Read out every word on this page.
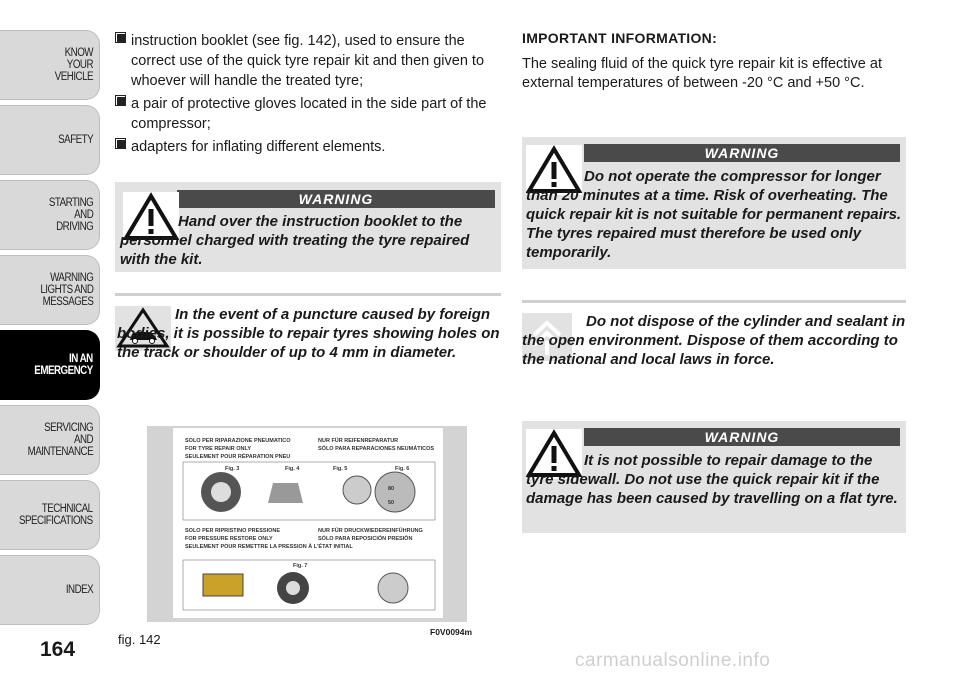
KNOW
YOUR
VEHICLE
SAFETY
STARTING
AND
DRIVING
WARNING
LIGHTS AND
MESSAGES
IN AN
EMERGENCY
SERVICING
AND
MAINTENANCE
TECHNICAL
SPECIFICATIONS
INDEX
164
instruction booklet (see fig. 142), used to ensure the correct use of the quick tyre repair kit and then given to whoever will handle the treated tyre;
a pair of protective gloves located in the side part of the compressor;
adapters for inflating different elements.
WARNING
Hand over the instruction booklet to the personnel charged with treating the tyre repaired with the kit.
In the event of a puncture caused by foreign bodies, it is possible to repair tyres showing holes on the track or shoulder of up to 4 mm in diameter.
SOLO PER RIPARAZIONE PNEUMATICO
FOR TYRE REPAIR ONLY
SEULEMENT POUR RÉPARATION PNEU
NUR FÜR REIFENREPARATUR
SÓLO PARA REPARACIONES NEUMÁTICOS
Fig. 3	Fig. 4	Fig. 5	Fig. 6
80
50
SOLO PER RIPRISTINO PRESSIONE
FOR PRESSURE RESTORE ONLY
SEULEMENT POUR REMETTRE LA PRESSION À L'ÉTAT INITIAL
NUR FÜR DRUCKWIEDEREINFÜHRUNG
SÓLO PARA REPOSICIÓN PRESIÓN
Fig. 7
fig. 142	F0V0094m
IMPORTANT INFORMATION:
The sealing fluid of the quick tyre repair kit is effective at external temperatures of between -20 °C and +50 °C.
WARNING
Do not operate the compressor for longer than 20 minutes at a time. Risk of overheating. The quick repair kit is not suitable for permanent repairs. The tyres repaired must therefore be used only temporarily.
Do not dispose of the cylinder and sealant in the open environment. Dispose of them according to the national and local laws in force.
WARNING
It is not possible to repair damage to the tyre sidewall. Do not use the quick repair kit if the damage has been caused by travelling on a flat tyre.
carmanualsonline.info
